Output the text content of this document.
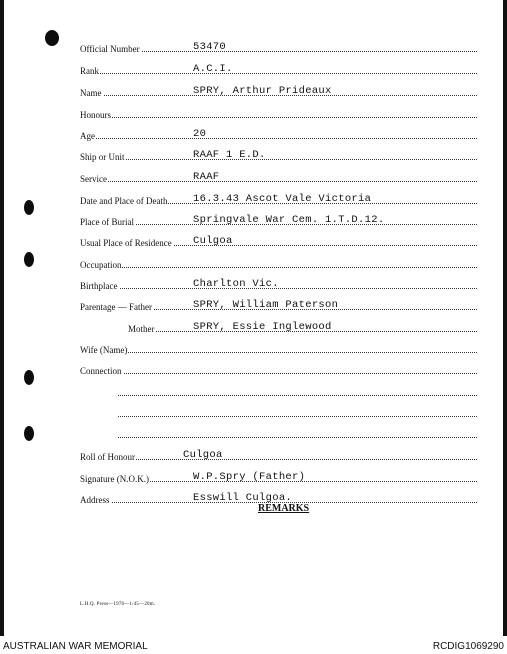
Official Number	53470
Rank	A.C.I.
Name	SPRY, Arthur Prideaux
Honours
Age	20
Ship or Unit	RAAF 1 E.D.
Service	RAAF
Date and Place of Death 16.3.43 Ascot Vale Victoria
Place of Burial	Springvale War Cem. 1.T.D.12.
Usual Place of Residence Culgoa
Occupation
Birthplace	Charlton Vic.
Parentage — Father	SPRY, William Paterson
Mother	SPRY, Essie Inglewood
Wife (Name)
Connection
Roll of Honour	Culgoa
Signature (N.O.K.)	W.P.Spry (Father)
Address	Esswill Culgoa.
REMARKS
L.H.Q. Press—1976—1/45—20m.
AUSTRALIAN WAR MEMORIAL	RCDIG1069290
